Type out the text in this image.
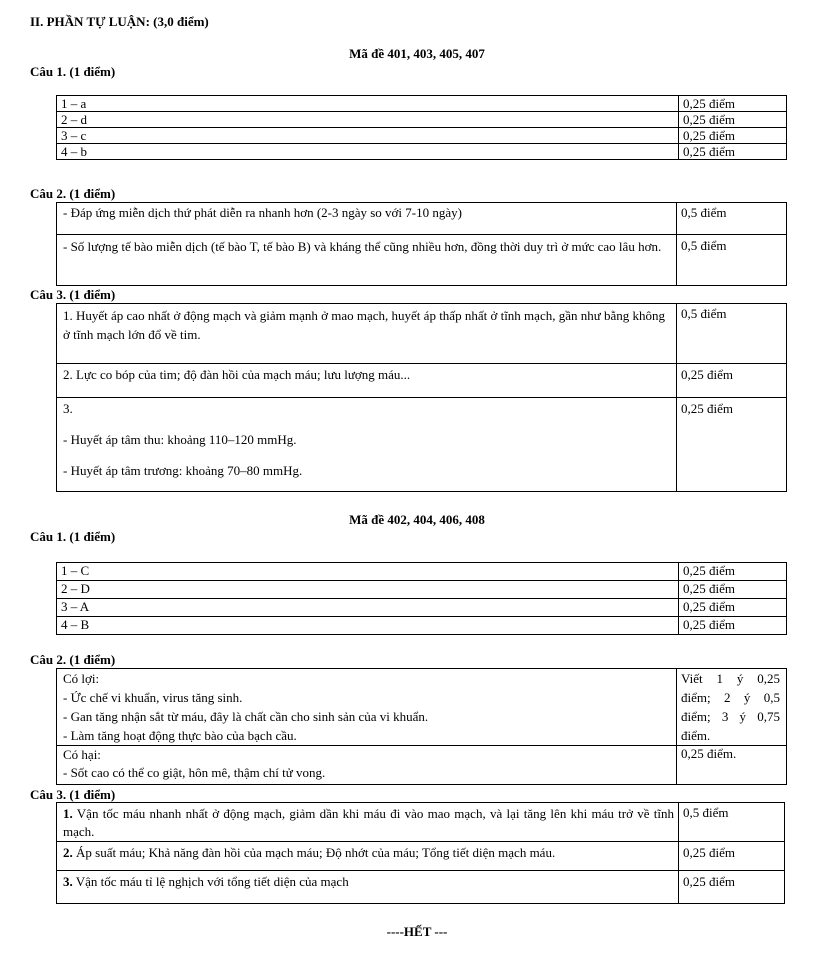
II. PHẦN TỰ LUẬN: (3,0 điểm)
Mã đề 401, 403, 405, 407
Câu 1. (1 điểm)
1 – a	0,25 điểm
2 – d	0,25 điểm
3 – c	0,25 điểm
4 – b	0,25 điểm
Câu 2. (1 điểm)
- Đáp ứng miễn dịch thứ phát diễn ra nhanh hơn (2-3 ngày so với 7-10 ngày)	0,5 điểm
- Số lượng tế bào miễn dịch (tế bào T, tế bào B) và kháng thể cũng nhiều hơn, đồng thời duy trì ở mức cao lâu hơn.	0,5 điểm
Câu 3. (1 điểm)
1. Huyết áp cao nhất ở động mạch và giảm mạnh ở mao mạch, huyết áp thấp nhất ở tĩnh mạch, gần như bằng không ở tĩnh mạch lớn đổ về tim.	0,5 điểm
2. Lực co bóp của tim; độ đàn hồi của mạch máu; lưu lượng máu...	0,25 điểm

3.
- Huyết áp tâm thu: khoảng 110–120 mmHg.
- Huyết áp tâm trương: khoảng 70–80 mmHg.	0,25 điểm
Mã đề 402, 404, 406, 408
Câu 1. (1 điểm)
1 – C	0,25 điểm
2 – D	0,25 điểm
3 – A	0,25 điểm
4 – B	0,25 điểm
Câu 2. (1 điểm)
Có lợi:
- Ức chế vi khuẩn, virus tăng sinh.
- Gan tăng nhận sắt từ máu, đây là chất cần cho sinh sản của vi khuẩn.
- Làm tăng hoạt động thực bào của bạch cầu.	Viết 1 ý 0,25 điểm; 2 ý 0,5 điểm; 3 ý 0,75 điểm.

Có hại:
- Sốt cao có thể co giật, hôn mê, thậm chí tử vong.	0,25 điểm.
Câu 3. (1 điểm)
1. Vận tốc máu nhanh nhất ở động mạch, giảm dần khi máu đi vào mao mạch, và lại tăng lên khi máu trở về tĩnh mạch.	0,5 điểm
2. Áp suất máu; Khả năng đàn hồi của mạch máu; Độ nhớt của máu; Tổng tiết diện mạch máu.	0,25 điểm
3. Vận tốc máu tỉ lệ nghịch với tổng tiết diện của mạch	0,25 điểm
----HẾT ---
